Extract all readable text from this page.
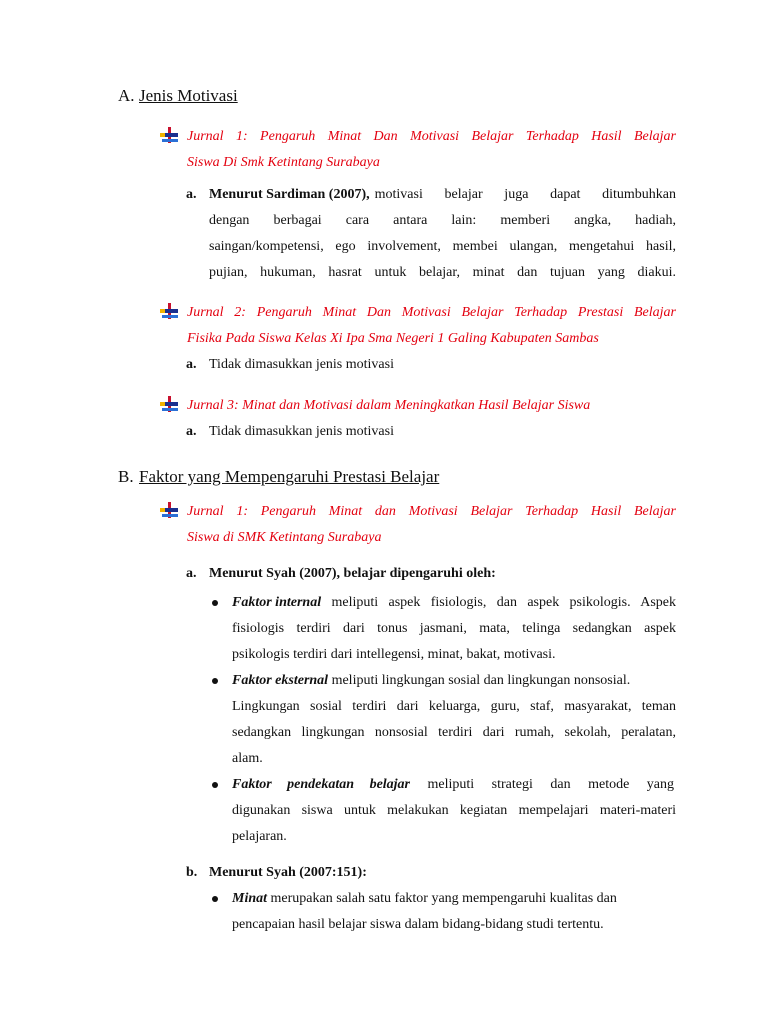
A. Jenis Motivasi
Jurnal 1: Pengaruh Minat Dan Motivasi Belajar Terhadap Hasil Belajar
Siswa Di Smk Ketintang Surabaya
a. Menurut Sardiman (2007), motivasi belajar juga dapat ditumbuhkan
dengan berbagai cara antara lain: memberi angka, hadiah,
saingan/kompetensi, ego involvement, membei ulangan, mengetahui hasil,
pujian, hukuman, hasrat untuk belajar, minat dan tujuan yang diakui.
Jurnal 2: Pengaruh Minat Dan Motivasi Belajar Terhadap Prestasi Belajar
Fisika Pada Siswa Kelas Xi Ipa Sma Negeri 1 Galing Kabupaten Sambas
a. Tidak dimasukkan jenis motivasi
Jurnal 3: Minat dan Motivasi dalam Meningkatkan Hasil Belajar Siswa
a. Tidak dimasukkan jenis motivasi
B. Faktor yang Mempengaruhi Prestasi Belajar
Jurnal 1: Pengaruh Minat dan Motivasi Belajar Terhadap Hasil Belajar
Siswa di SMK Ketintang Surabaya
a. Menurut Syah (2007), belajar dipengaruhi oleh:
Faktor internal meliputi aspek fisiologis, dan aspek psikologis. Aspek
fisiologis terdiri dari tonus jasmani, mata, telinga sedangkan aspek
psikologis terdiri dari intellegensi, minat, bakat, motivasi.
Faktor eksternal meliputi lingkungan sosial dan lingkungan nonsosial.
Lingkungan sosial terdiri dari keluarga, guru, staf, masyarakat, teman
sedangkan lingkungan nonsosial terdiri dari rumah, sekolah, peralatan,
alam.
Faktor pendekatan belajar meliputi strategi dan metode yang
digunakan siswa untuk melakukan kegiatan mempelajari materi-materi
pelajaran.
b. Menurut Syah (2007:151):
Minat merupakan salah satu faktor yang mempengaruhi kualitas dan
pencapaian hasil belajar siswa dalam bidang-bidang studi tertentu.
